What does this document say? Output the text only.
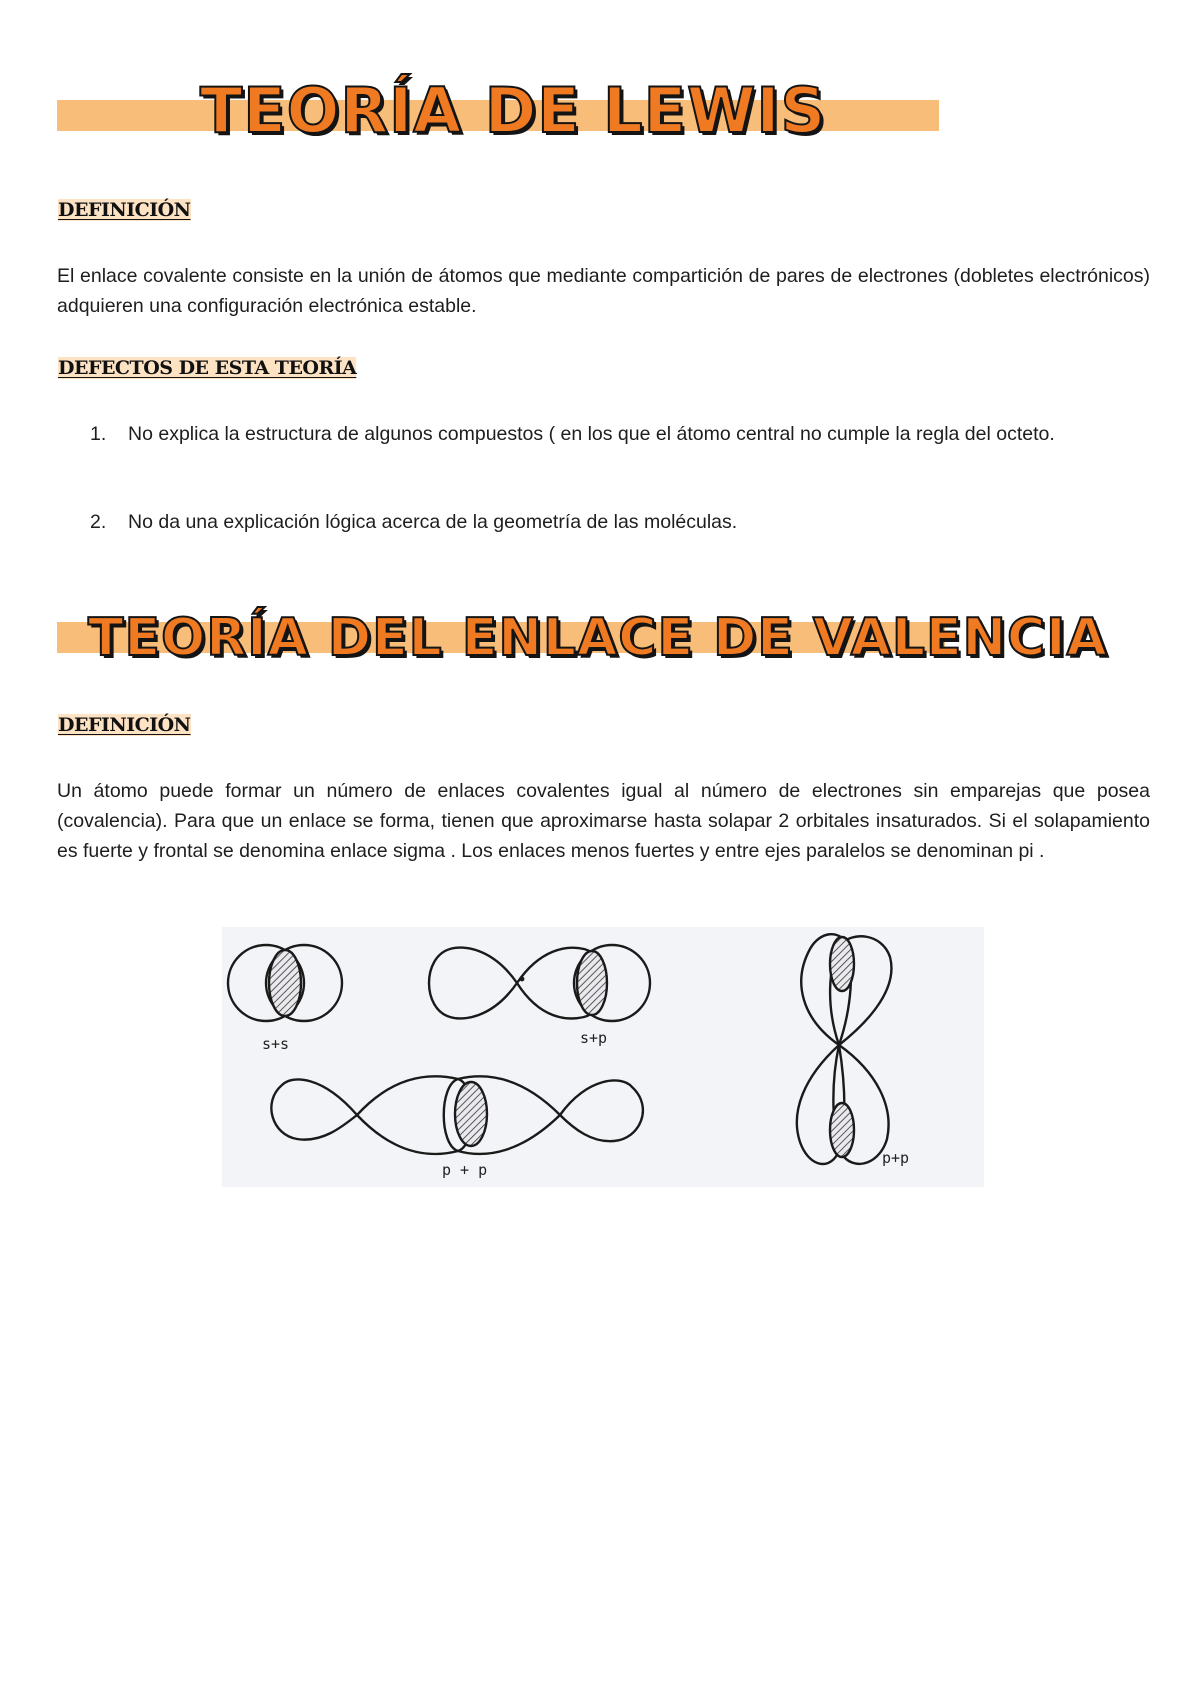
TEORÍA DE LEWIS
DEFINICIÓN

El enlace covalente consiste en la unión de átomos que mediante compartición de pares de electrones (dobletes electrónicos) adquieren una configuración electrónica estable.

DEFECTOS DE ESTA TEORÍA
1.	No explica la estructura de algunos compuestos ( en los que el átomo central no cumple la regla del octeto.
2.	No da una explicación lógica acerca de la geometría de las moléculas.
TEORÍA DEL ENLACE DE VALENCIA
DEFINICIÓN

Un átomo puede formar un número de enlaces covalentes igual al número de electrones sin emparejas que posea (covalencia). Para que un enlace se forma, tienen que aproximarse hasta solapar 2 orbitales insaturados. Si el solapamiento es fuerte y frontal se denomina enlace sigma . Los enlaces menos fuertes y entre ejes paralelos se denominan pi .

s+s	s+p
p + p
p+p
